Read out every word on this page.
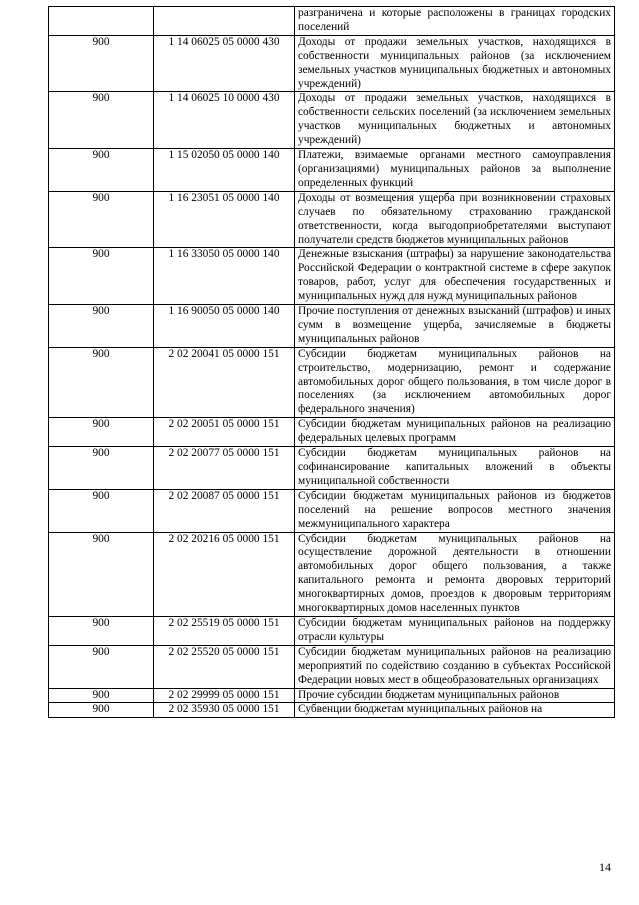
		разграничена и которые расположены в границах городских поселений
900	1 14 06025 05 0000 430	Доходы от продажи земельных участков, находящихся в собственности муниципальных районов (за исключением земельных участков муниципальных бюджетных и автономных учреждений)
900	1 14 06025 10 0000 430	Доходы от продажи земельных участков, находящихся в собственности сельских поселений (за исключением земельных участков муниципальных бюджетных и автономных учреждений)
900	1 15 02050 05 0000 140	Платежи, взимаемые органами местного самоуправления (организациями) муниципальных районов за выполнение определенных функций
900	1 16 23051 05 0000 140	Доходы от возмещения ущерба при возникновении страховых случаев по обязательному страхованию гражданской ответственности, когда выгодоприобретателями выступают получатели средств бюджетов муниципальных районов
900	1 16 33050 05 0000 140	Денежные взыскания (штрафы) за нарушение законодательства Российской Федерации о контрактной системе в сфере закупок товаров, работ, услуг для обеспечения государственных и муниципальных нужд для нужд муниципальных районов
900	1 16 90050 05 0000 140	Прочие поступления от денежных взысканий (штрафов) и иных сумм в возмещение ущерба, зачисляемые в бюджеты муниципальных районов
900	2 02 20041 05 0000 151	Субсидии бюджетам муниципальных районов на строительство, модернизацию, ремонт и содержание автомобильных дорог общего пользования, в том числе дорог в поселениях (за исключением автомобильных дорог федерального значения)
900	2 02 20051 05 0000 151	Субсидии бюджетам муниципальных районов на реализацию федеральных целевых программ
900	2 02 20077 05 0000 151	Субсидии бюджетам муниципальных районов на софинансирование капитальных вложений в объекты муниципальной собственности
900	2 02 20087 05 0000 151	Субсидии бюджетам муниципальных районов из бюджетов поселений на решение вопросов местного значения межмуниципального характера
900	2 02 20216 05 0000 151	Субсидии бюджетам муниципальных районов на осуществление дорожной деятельности в отношении автомобильных дорог общего пользования, а также капитального ремонта и ремонта дворовых территорий многоквартирных домов, проездов к дворовым территориям многоквартирных домов населенных пунктов
900	2 02 25519 05 0000 151	Субсидии бюджетам муниципальных районов на поддержку отрасли культуры
900	2 02 25520 05 0000 151	Субсидии бюджетам муниципальных районов на реализацию мероприятий по содействию созданию в субъектах Российской Федерации новых мест в общеобразовательных организациях
900	2 02 29999 05 0000 151	Прочие субсидии бюджетам муниципальных районов
900	2 02 35930 05 0000 151	Субвенции бюджетам муниципальных районов на
14
